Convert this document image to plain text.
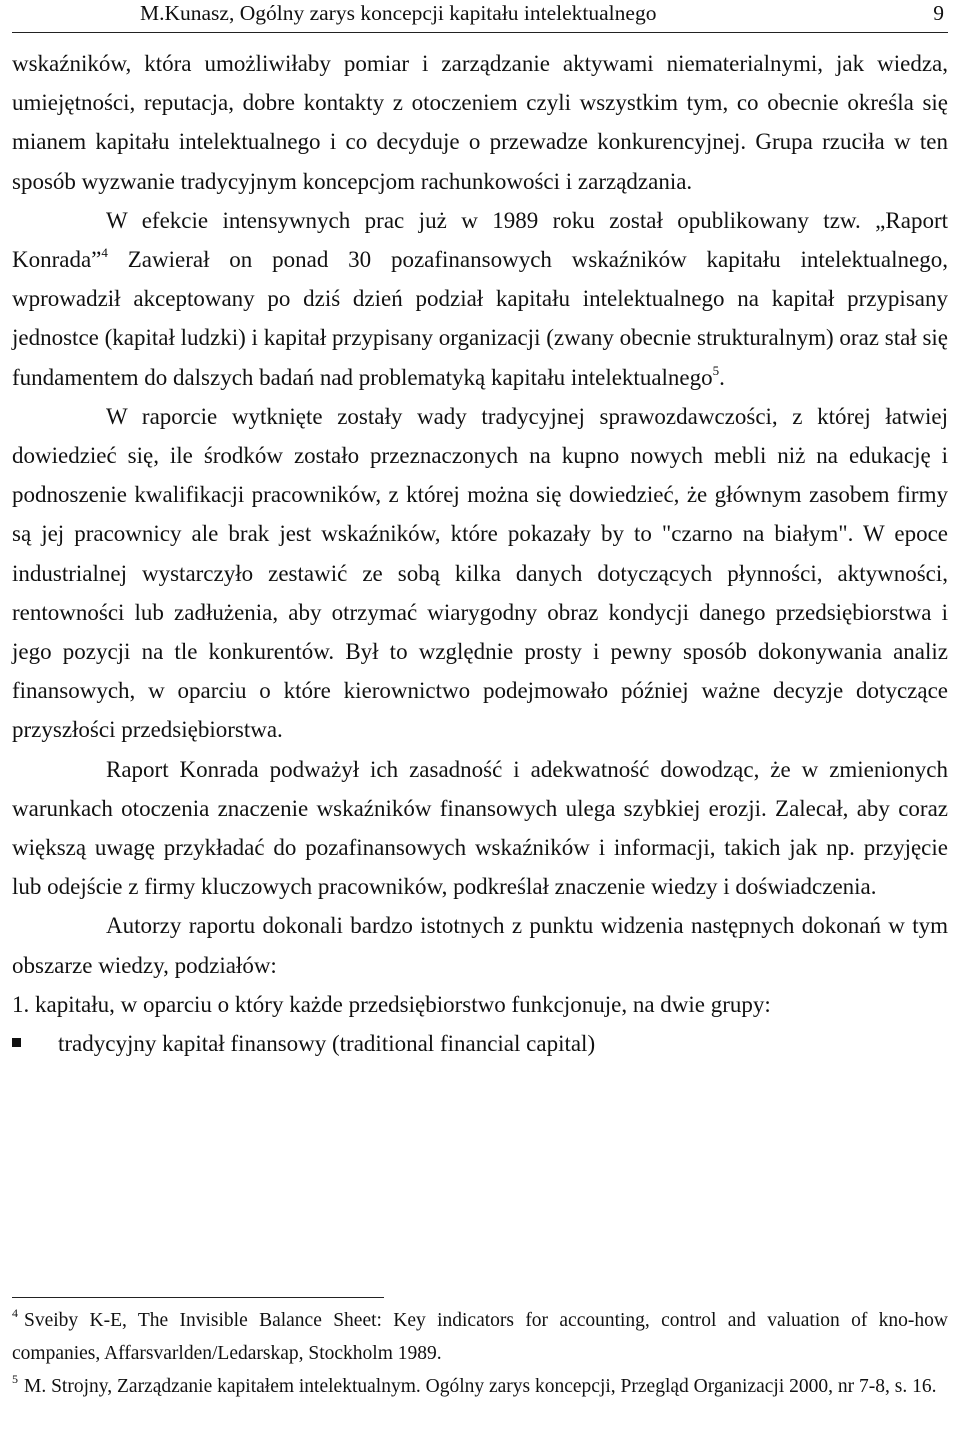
M.Kunasz, Ogólny zarys koncepcji kapitału intelektualnego	9

wskaźników, która umożliwiłaby pomiar i zarządzanie aktywami niematerialnymi, jak wiedza, umiejętności, reputacja, dobre kontakty z otoczeniem czyli wszystkim tym, co obecnie określa się mianem kapitału intelektualnego i co decyduje o przewadze konkurencyjnej. Grupa rzuciła w ten sposób wyzwanie tradycyjnym koncepcjom rachunkowości i zarządzania.

W efekcie intensywnych prac już w 1989 roku został opublikowany tzw. „Raport Konrada”$^4$ Zawierał on ponad 30 pozafinansowych wskaźników kapitału intelektualnego, wprowadził akceptowany po dziś dzień podział kapitału intelektualnego na kapitał przypisany jednostce (kapitał ludzki) i kapitał przypisany organizacji (zwany obecnie strukturalnym) oraz stał się fundamentem do dalszych badań nad problematyką kapitału intelektualnego$^5$.

W raporcie wytknięte zostały wady tradycyjnej sprawozdawczości, z której łatwiej dowiedzieć się, ile środków zostało przeznaczonych na kupno nowych mebli niż na edukację i podnoszenie kwalifikacji pracowników, z której można się dowiedzieć, że głównym zasobem firmy są jej pracownicy ale brak jest wskaźników, które pokazały by to "czarno na białym". W epoce industrialnej wystarczyło zestawić ze sobą kilka danych dotyczących płynności, aktywności, rentowności lub zadłużenia, aby otrzymać wiarygodny obraz kondycji danego przedsiębiorstwa i jego pozycji na tle konkurentów. Był to względnie prosty i pewny sposób dokonywania analiz finansowych, w oparciu o które kierownictwo podejmowało później ważne decyzje dotyczące przyszłości przedsiębiorstwa.

Raport Konrada podważył ich zasadność i adekwatność dowodząc, że w zmienionych warunkach otoczenia znaczenie wskaźników finansowych ulega szybkiej erozji. Zalecał, aby coraz większą uwagę przykładać do pozafinansowych wskaźników i informacji, takich jak np. przyjęcie lub odejście z firmy kluczowych pracowników, podkreślał znaczenie wiedzy i doświadczenia.

Autorzy raportu dokonali bardzo istotnych z punktu widzenia następnych dokonań w tym obszarze wiedzy, podziałów:

1. kapitału, w oparciu o który każde przedsiębiorstwo funkcjonuje, na dwie grupy:

tradycyjny kapitał finansowy (traditional financial capital)

$^4$ Sveiby K-E, The Invisible Balance Sheet: Key indicators for accounting, control and valuation of kno-how companies, Affarsvarlden/Ledarskap, Stockholm 1989.

$^5$ M. Strojny, Zarządzanie kapitałem intelektualnym. Ogólny zarys koncepcji, Przegląd Organizacji 2000, nr 7-8, s. 16.
